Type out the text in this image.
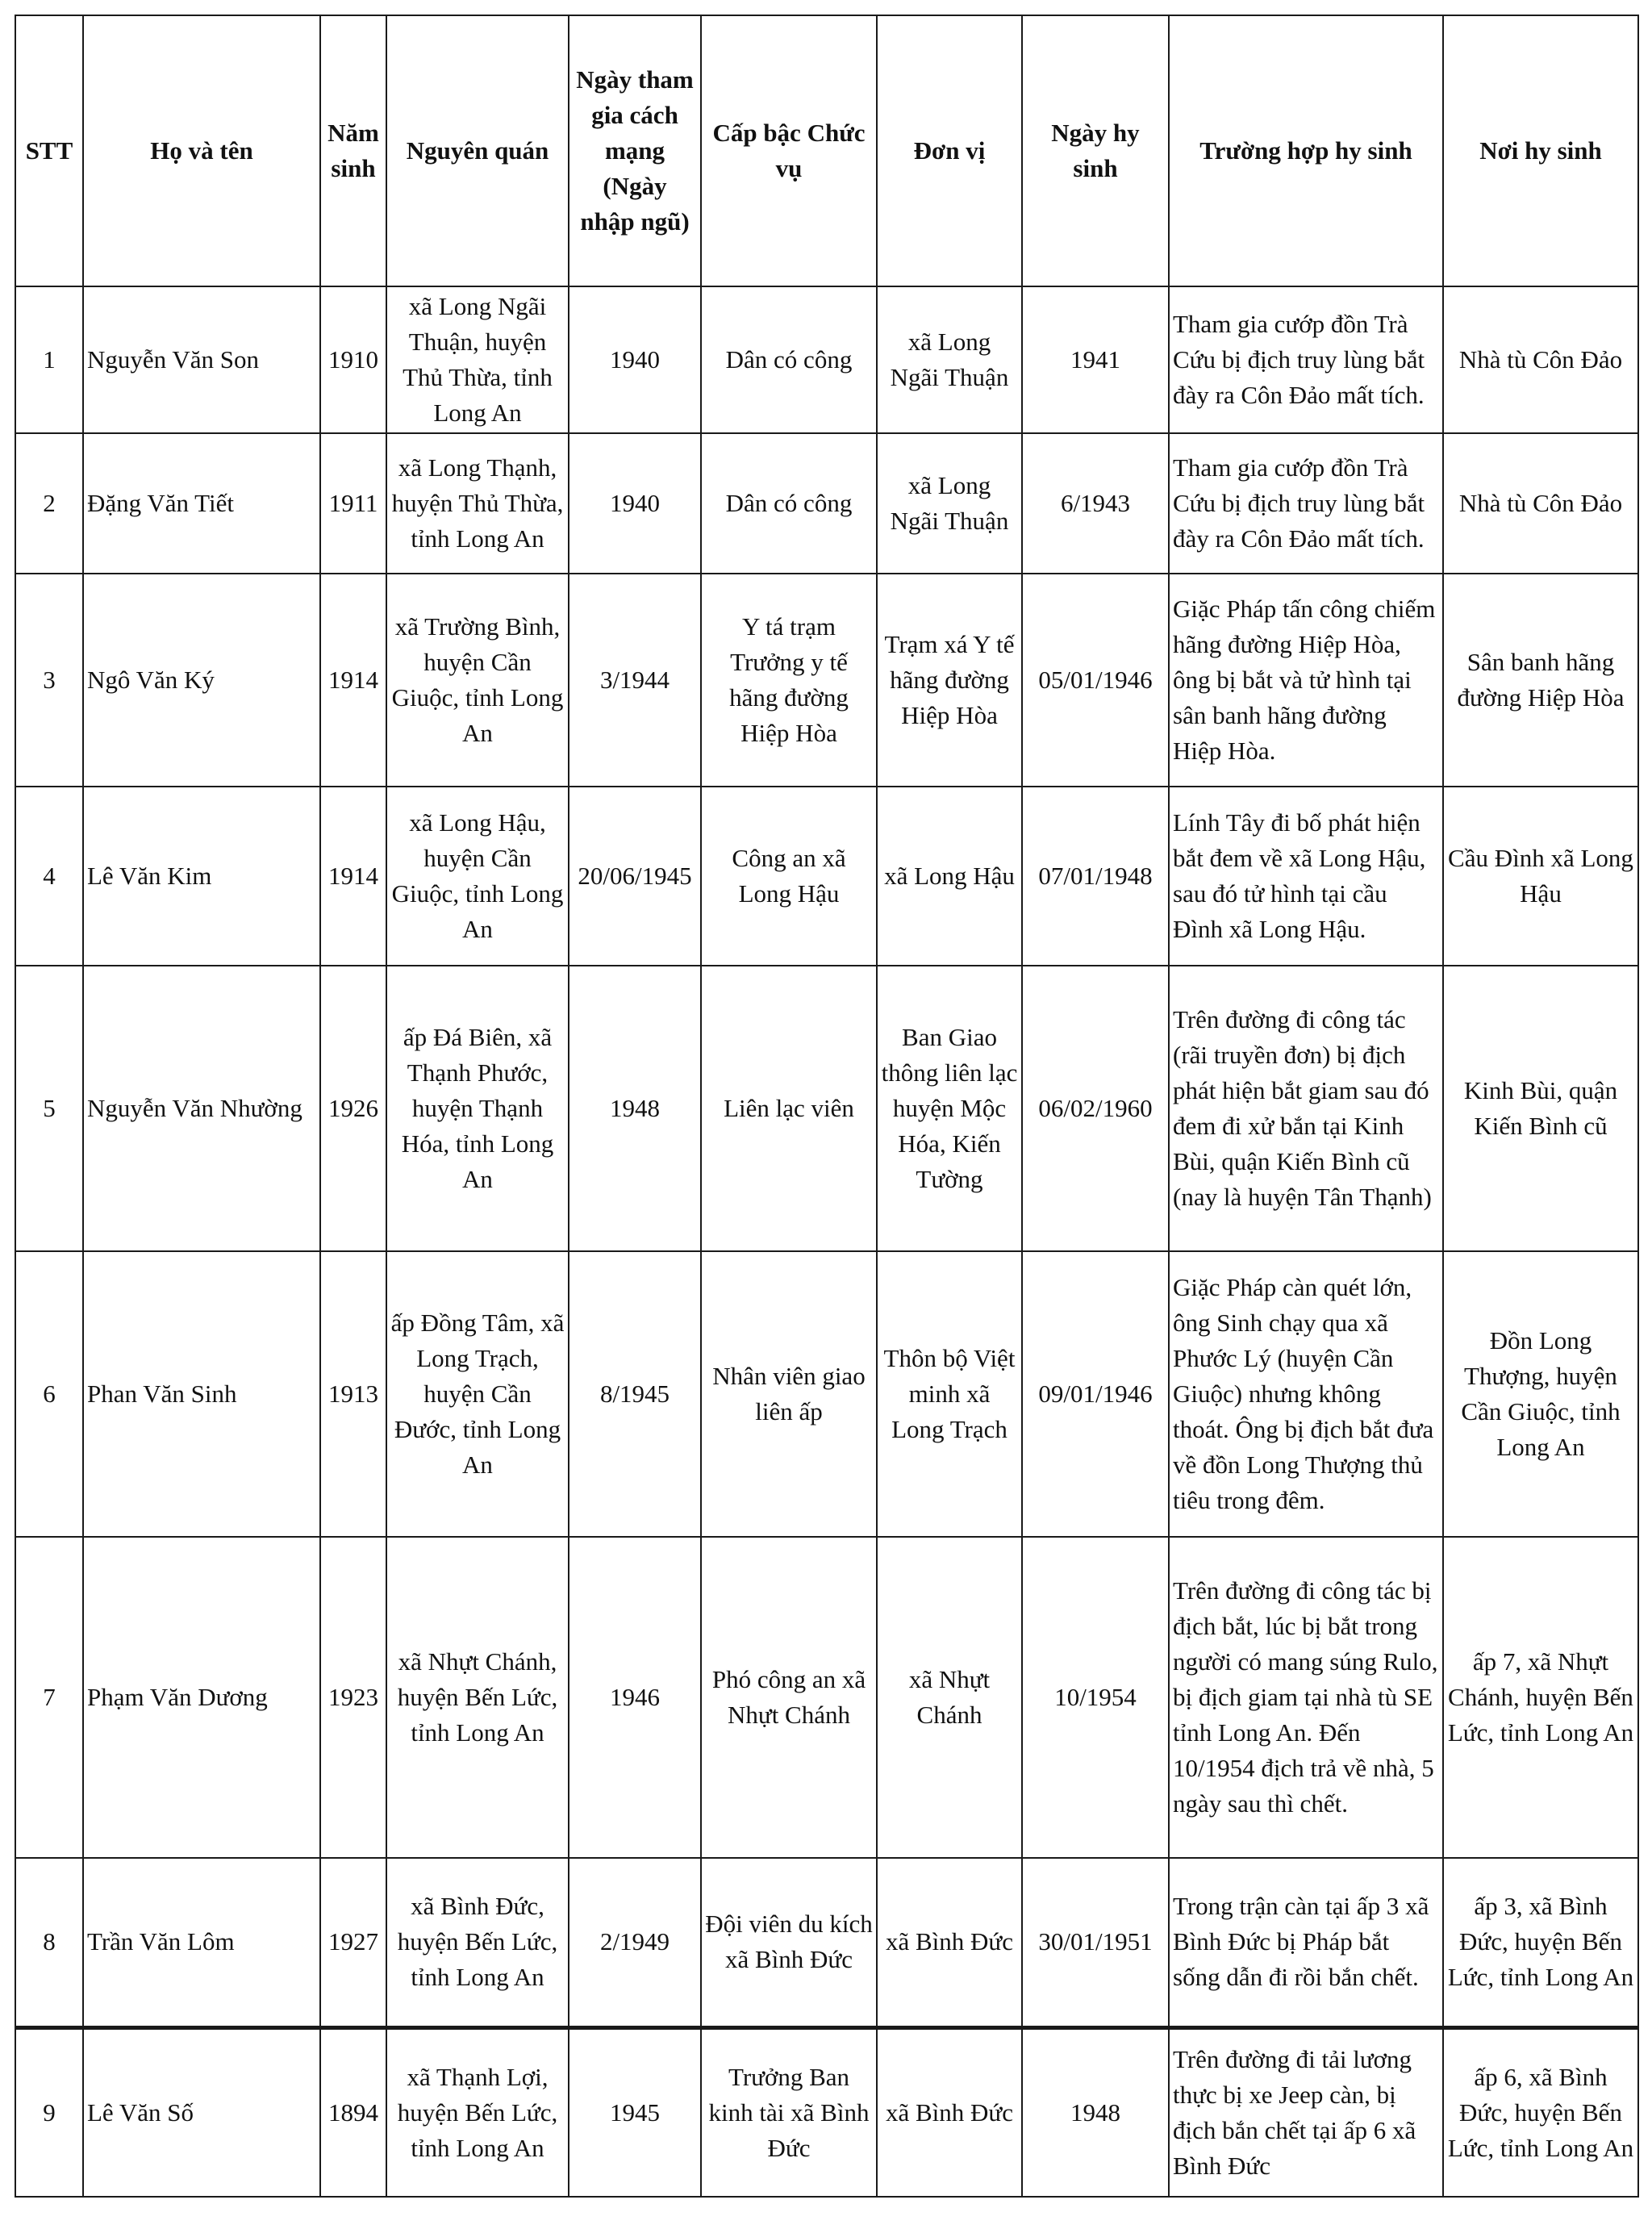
STT	Họ và tên	Năm sinh	Nguyên quán	Ngày tham gia cách mạng (Ngày nhập ngũ)	Cấp bậc Chức vụ	Đơn vị	Ngày hy sinh	Trường hợp hy sinh	Nơi hy sinh
1	Nguyễn Văn Son	1910	xã Long Ngãi Thuận, huyện Thủ Thừa, tỉnh Long An	1940	Dân có công	xã Long Ngãi Thuận	1941	Tham gia cướp đồn Trà Cứu bị địch truy lùng bắt đày ra Côn Đảo mất tích.	Nhà tù Côn Đảo
2	Đặng Văn Tiết	1911	xã Long Thạnh, huyện Thủ Thừa, tỉnh Long An	1940	Dân có công	xã Long Ngãi Thuận	6/1943	Tham gia cướp đồn Trà Cứu bị địch truy lùng bắt đày ra Côn Đảo mất tích.	Nhà tù Côn Đảo
3	Ngô Văn Ký	1914	xã Trường Bình, huyện Cần Giuộc, tỉnh Long An	3/1944	Y tá trạm Trưởng y tế hãng đường Hiệp Hòa	Trạm xá Y tế hãng đường Hiệp Hòa	05/01/1946	Giặc Pháp tấn công chiếm hãng đường Hiệp Hòa, ông bị bắt và tử hình tại sân banh hãng đường Hiệp Hòa.	Sân banh hãng đường Hiệp Hòa
4	Lê Văn Kim	1914	xã Long Hậu, huyện Cần Giuộc, tỉnh Long An	20/06/1945	Công an xã Long Hậu	xã Long Hậu	07/01/1948	Lính Tây đi bố phát hiện bắt đem về xã Long Hậu, sau đó tử hình tại cầu Đình xã Long Hậu.	Cầu Đình xã Long Hậu
5	Nguyễn Văn Nhường	1926	ấp Đá Biên, xã Thạnh Phước, huyện Thạnh Hóa, tỉnh Long An	1948	Liên lạc viên	Ban Giao thông liên lạc huyện Mộc Hóa, Kiến Tường	06/02/1960	Trên đường đi công tác (rãi truyền đơn) bị địch phát hiện bắt giam sau đó đem đi xử bắn tại Kinh Bùi, quận Kiến Bình cũ (nay là huyện Tân Thạnh)	Kinh Bùi, quận Kiến Bình cũ
6	Phan Văn Sinh	1913	ấp Đồng Tâm, xã Long Trạch, huyện Cần Đước, tỉnh Long An	8/1945	Nhân viên giao liên ấp	Thôn bộ Việt minh xã Long Trạch	09/01/1946	Giặc Pháp càn quét lớn, ông Sinh chạy qua xã Phước Lý (huyện Cần Giuộc) nhưng không thoát. Ông bị địch bắt đưa về đồn Long Thượng thủ tiêu trong đêm.	Đồn Long Thượng, huyện Cần Giuộc, tỉnh Long An
7	Phạm Văn Dương	1923	xã Nhựt Chánh, huyện Bến Lức, tỉnh Long An	1946	Phó công an xã Nhựt Chánh	xã Nhựt Chánh	10/1954	Trên đường đi công tác bị địch bắt, lúc bị bắt trong người có mang súng Rulo, bị địch giam tại nhà tù SE tỉnh Long An. Đến 10/1954 địch trả về nhà, 5 ngày sau thì chết.	ấp 7, xã Nhựt Chánh, huyện Bến Lức, tỉnh Long An
8	Trần Văn Lôm	1927	xã Bình Đức, huyện Bến Lức, tỉnh Long An	2/1949	Đội viên du kích xã Bình Đức	xã Bình Đức	30/01/1951	Trong trận càn tại ấp 3 xã Bình Đức bị Pháp bắt sống dẫn đi rồi bắn chết.	ấp 3, xã Bình Đức, huyện Bến Lức, tỉnh Long An
9	Lê Văn Số	1894	xã Thạnh Lợi, huyện Bến Lức, tỉnh Long An	1945	Trưởng Ban kinh tài xã Bình Đức	xã Bình Đức	1948	Trên đường đi tải lương thực bị xe Jeep càn, bị địch bắn chết tại ấp 6 xã Bình Đức	ấp 6, xã Bình Đức, huyện Bến Lức, tỉnh Long An
